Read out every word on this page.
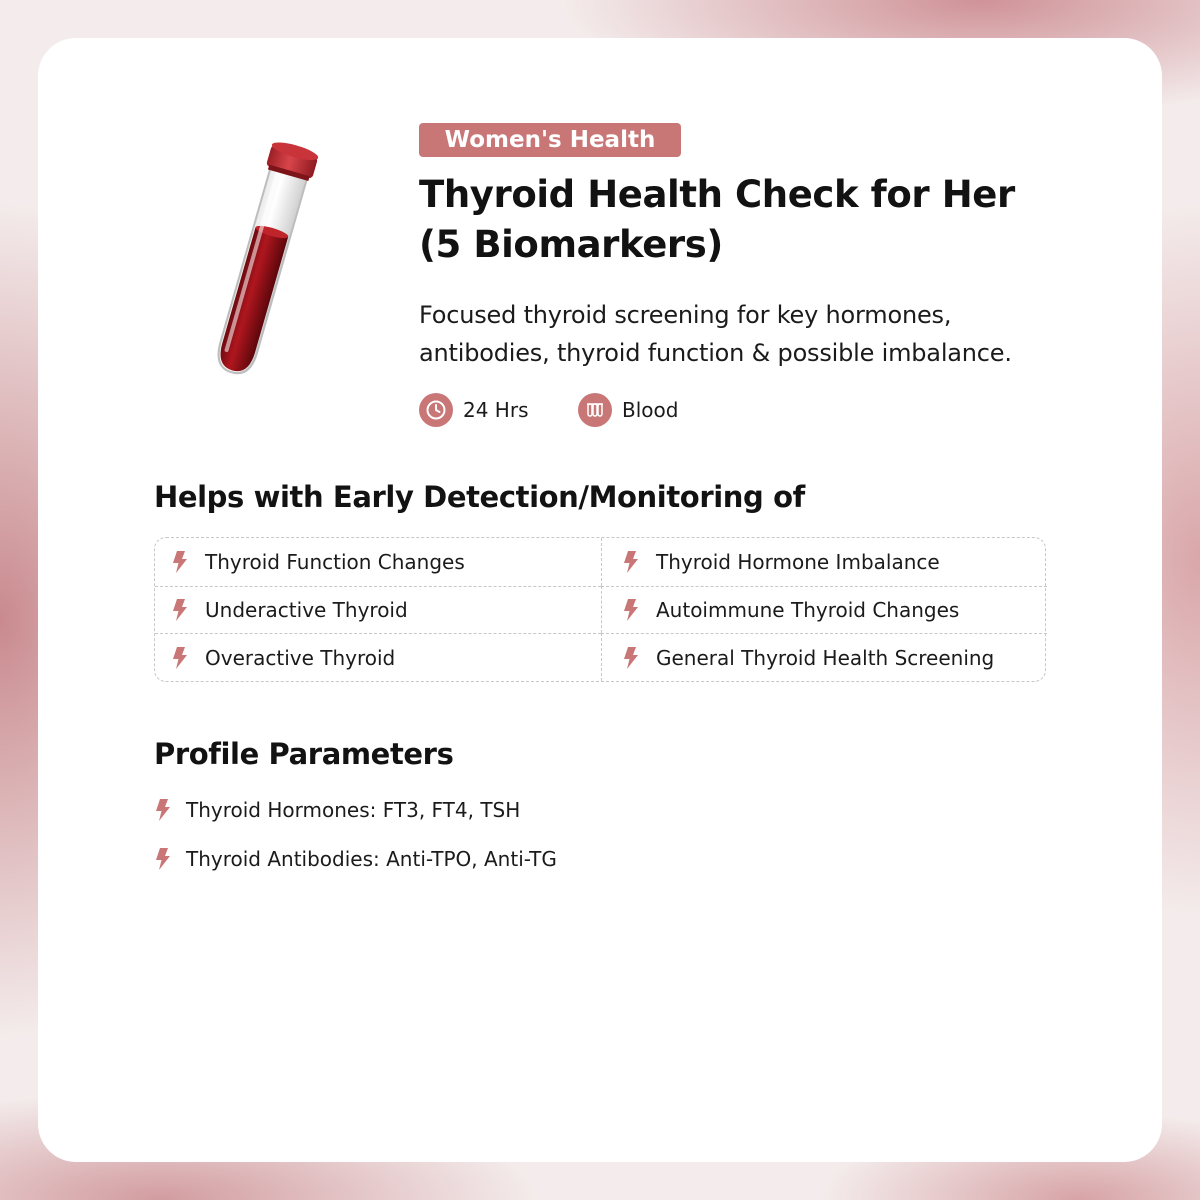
Women's Health
Thyroid Health Check for Her
(5 Biomarkers)
Focused thyroid screening for key hormones,
antibodies, thyroid function & possible imbalance.
24 Hrs	Blood
Helps with Early Detection/Monitoring of
Thyroid Function Changes	Thyroid Hormone Imbalance
Underactive Thyroid	Autoimmune Thyroid Changes
Overactive Thyroid	General Thyroid Health Screening
Profile Parameters
Thyroid Hormones: FT3, FT4, TSH
Thyroid Antibodies: Anti-TPO, Anti-TG
